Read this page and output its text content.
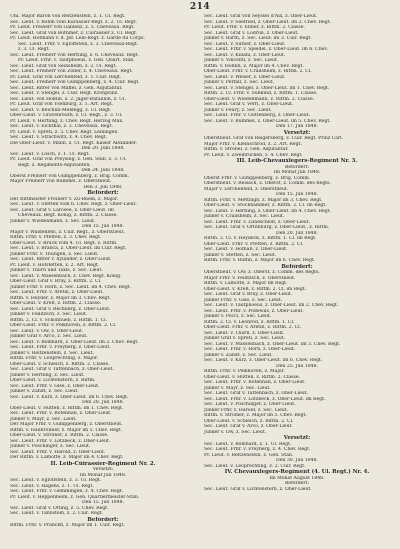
214
Uhl. Major Baron von Reitzenstein, z. 1. Ul. Regt.
Sec. Lieut. v. Böhm vom Kürassier-Regt. z. 2. Ul. Regt.
Pr. Lieut. Freiherr von Gablenz, z. 5. Cheveaux. Regt.
Sec. Lieut. Graf von Bothmer, z. Cüirassier z. Ul. Regt.
Pr. Lieut. Hofmann v. d. Jnf. Leib-Regt. z. Garde du Corps.
Sec. Lieut. Frhr. v. Egloffstein, z. 3. Cheveaux-Regt.
z. 3. Ul. Regt.
Sec. Lieut. Freiherr von Hertling, z. 6. Cheveaux. Regt.
Pr. Lieut. Frhr. v. Tautphoeus, z. Gen. Quart. Stab.
Sec. Lieut. Graf von Seinsheim, z. 2. Ul. Regt.
Sec. Lieut. Freiherr von Zoller, z. 4. Cheveaux. Regt.
Pr. Lieut. Graf von Lerchenfeld, z. 1. Cüir. Regt.
Sec. Lieut. Freiherr von Gumppenberg, z. 4. Cüir. Regt.
Sec. Lieut. Ritter von Maffei, z. Gen. Adjutantur.
Sec. Lieut. v. Stengel, z. Cüir. Regt. Kronprinz.
Sec. Lieut. von Hößlin, z. 2. Jäger-Bataillon, z. Ul.
Pr. Lieut. Graf von Ysenburg, z. 1. Art. Regt.
Sec. Lieut. v. Reichlin-Meldegg, z. Ul. Regt.
Ober-Lieut. v. Gravenreuth, z. Ul. Regt., z. 3. Ul.
Pr. Lieut. v. Hertling, z. Chev. Regt. Herzog Max.
Sec. Lieut. v. Eichthal, z. 2. Cheveaux. Regt.
Pr. Lieut. v. Spreti, z. 5. Chev. Regt. Leiningen.
Sec. Lieut. v. Strachwitz, z. 4. Chev. Regt.
Die Ober-Lieut. v. Mann, z. Ul. Regt. Kaiser Alexander.
Den 20. Juni 1848.
Sec. Lieut. v. Lösch, z. 1. Ul. Regt.
Pr. Lieut. Graf von Preysing, z. Gen. Stab, z. 3. Ul.
Regt. z. Regiments-Adjutanten.
Den 24. Juni 1848.
Oberst Freiherr von Gumppenberg, z. Brig. Comm.
Major Freiherr von Rummel, z. Oberstlieut.
Den 3. Juli 1848.
Befördert:
Der Rittmeister Freiherr v. Zu-Rhein, z. Major.
Sec. Lieut. v. Stetten vom 6. Chev. Regt. z. Ober-Lieut.
Sec. Lieut. Graf v. Larosée, z. Ober-Lieut. im
Cheveaux. Regt. König, z. Rittm. 2. Classe.
Junker v. Wiedenmann, z. Sec. Lieut.
Den 15. Juli 1848.
Major v. Waldenfels, z. Cüir. Regt., z. Oberstlieut.
Rittm. Frhr. v. Pfetten, z. 3. Chev. Regt.
Ober-Lieut. v. Brück vom 4. Ul. Regt. z. Rittm.
Sec. Lieut. v. Branca, z. Ober-Lieut. im Cüir. Regt.
Junker Frhr. v. Thüngen, z. Sec. Lieut.
Sec. Lieut. Ritter v. Xylander, z. Ober-Lieut.
Pr. Lieut. v. Hofstetten, z. 2. Art. Regt.
Junker v. Thurn und Taxis, z. Sec. Lieut.
Sec. Lieut. v. Massenbach, z. Chev. Regt. König.
Ober-Lieut. Graf v. Bray, z. Rittm. 2. Cl.
Junker Frhr. v. Horn, z. Sec. Lieut. im 4. Chev. Regt.
Sec. Lieut. Frhr. v. Aretin, z. Ober-Lieut.
Rittm. v. Heyder, z. Major im 3. Chev. Regt.
Ober-Lieut. v. Kreß, z. Rittm. 2. Classe.
Sec. Lieut. Graf v. Rechberg, z. Ober-Lieut.
Junker v. Feilitzsch, z. Sec. Lieut.
Rittm. 2. Cl. v. Schönhueb, z. Rittm. 1. Cl.
Ober-Lieut. Frhr. v. Pelkhoven, z. Rittm. 2. Cl.
Sec. Lieut. v. Ow, z. Ober-Lieut.
Junker Graf v. Arco, z. Sec. Lieut.
Sec. Lieut. v. Bomhard, z. Ober-Lieut. im 2. Chev. Regt.
Sec. Lieut. Frhr. v. Freyberg, z. Ober-Lieut.
Junker v. Reitzenstein, z. Sec. Lieut.
Rittm. Frhr. v. Leoprechting, z. Major.
Ober-Lieut. v. Schleich, z. Rittm. 2. Classe.
Sec. Lieut. Graf v. Tattenbach, z. Ober-Lieut.
Junker v. Hertling, z. Sec. Lieut.
Ober-Lieut. v. Lichtenstern, z. Rittm.
Sec. Lieut. Frhr. v. Gise, z. Ober-Lieut.
Junker v. Zandt, z. Sec. Lieut.
Sec. Lieut. v. Kurz, z. Ober-Lieut. im 6. Chev. Regt.
Den 20. Juli 1848.
Ober-Lieut. v. Hutten, z. Rittm. im 1. Chev. Regt.
Sec. Lieut. Frhr. v. Rotenhan, z. Ober-Lieut.
Junker v. Mayr, z. Sec. Lieut.
Der Major Frhr. v. Gumppenberg, z. Oberstlieut.
Rittm. v. Hailbronner, z. Major im 5. Chev. Regt.
Ober-Lieut. v. Stromer, z. Rittm. 2. Classe.
Sec. Lieut. Frhr. v. Lotzbeck, z. Ober-Lieut.
Junker v. Poschinger, z. Sec. Lieut.
Sec. Lieut. Frhr. v. Harold, z. Ober-Lieut.
Der Rittm. v. Lamotte, z. Major im 4. Chev. Regt.
II. Leib-Cüirassier-Regiment Nr. 2.
Versetzt:
Im Monat Juli 1848.
Sec. Lieut. v. Egloffstein, z. 3. Ul. Regt.
Sec. Lieut. v. Hagens, z. 1. Ul. Regt.
Sec. Lieut. Frhr. v. Gemmingen, z. 4. Chev. Regt.
Pr. Lieut. v. Heppenheim, z. Gen. Quartiermeister-Stab.
Den 15. Juli 1848.
Sec. Lieut. Graf v. Otting, z. 5. Chev. Regt.
Sec. Lieut. v. Tannstein, z. 2. Cüir. Regt.
Befördert:
Rittm. Frhr. v. Pranckh, z. Major im 1. Cüir. Regt.
Sec. Lieut. Graf von Seyssel d'Aix, z. Ober-Lieut.
Sec. Lieut. v. Seefried, z. Ober-Lieut. im 2. Chev. Regt.
Pr. Lieut. Frhr. v. Ebner, z. Rittm. 2. Classe.
Sec. Lieut. Graf v. Lodron, z. Ober-Lieut.
Junker v. Barth, z. Sec. Lieut. im 3. Cüir. Regt.
Sec. Lieut. v. Sutner, z. Ober-Lieut.
Sec. Lieut. Frhr. v. Speidel, z. Ober-Lieut. im 6. Chev.
Sec. Lieut. v. Kiliani, z. Ober-Lieut.
Junker v. Vincenti, z. Sec. Lieut.
Rittm. v. Hößlin, z. Major im 4. Chev. Regt.
Ober-Lieut. Frhr. v. Crailsheim, z. Rittm. 2. Cl.
Sec. Lieut. v. Welser, z. Ober-Lieut.
Junker v. Perfall, z. Sec. Lieut.
Sec. Lieut. v. Stengel, z. Ober-Lieut. im 1. Chev. Regt.
Rittm. 2. Cl. Frhr. v. Süßkind, z. Rittm. 1. Classe.
Ober-Lieut. v. Wiedenmann, z. Rittm. 2. Classe.
Sec. Lieut. Graf v. Verri, z. Ober-Lieut.
Junker v. Feury, z. Sec. Lieut.
Sec. Lieut. Frhr. v. Guttenberg, z. Ober-Lieut.
Sec. Lieut. v. Rummel, z. Ober-Lieut. im 5. Chev. Regt.
Den 17. Juli 1848.
Versetzt:
Oberstlieut. Graf von Reigersberg, z. Cüir. Regt. Prinz Carl.
Major Frhr. v. Kleinschrod, z. 2. Art. Regt.
Rittm. v. Ströbel, z. Gen. Adjutantur.
Pr. Lieut. v. Zweibrücken, z. 4. Chev. Regt.
III. Leib-Chevauxlegers-Regiment Nr. 3.
Befördert:
Im Monat Juli 1848.
Oberst Frhr. v. Gumppenberg, z. Brig. Comm.
Oberstlieut. v. Reisach, z. Oberst, z. Comm. des Regts.
Major v. Lerchenfeld, z. Oberstlieut.
Den 15. Juli 1848.
Rittm. Frhr. v. Mettingh, z. Major im 3. Chev. Regt.
Ober-Lieut. v. Stockhammer, z. Rittm. 2. Cl. im Regt.
Sec. Lieut. v. Hertling, z. Ober-Lieut. im 4. Chev. Regt.
Junker v. Crailsheim, z. Sec. Lieut.
Sec. Lieut. Frhr. v. Lüneschloß, z. Ober-Lieut.
Sec. Lieut. Graf v. Ortenburg, z. Ober-Lieut., z. Rittm.
Den 20. Juli 1848.
Rittm. 2. Cl. v. Heydeck, z. Rittm. 1. Cl. im Regt.
Ober-Lieut. Frhr. v. Pfetten, z. Rittm. 2. Cl.
Sec. Lieut. v. Hofnaß, z. Ober-Lieut.
Junker v. Stetten, z. Sec. Lieut.
Rittm. Frhr. v. Ruffin, z. Major im 6. Chev. Regt.
Befördert:
Oberstlieut. v. Ow, z. Oberst, z. Comm. des Regts.
Major Frhr. v. Feilitzsch, z. Oberstlieut.
Rittm. v. Lamotte, z. Major im Regt.
Ober-Lieut. v. Kreß, z. Rittm. 2. Cl. im Regt.
Sec. Lieut. Graf v. Bray, z. Ober-Lieut.
Junker Frhr. v. Gise, z. Sec. Lieut.
Sec. Lieut. v. Tautphoeus, z. Ober-Lieut. im 2. Chev. Regt.
Sec. Lieut. Frhr. v. Podewils, z. Ober-Lieut.
Junker v. Pocci, z. Sec. Lieut.
Rittm. 2. Cl. v. Leonrod, z. Rittm. 1. Cl.
Ober-Lieut. Frhr. v. Aretin, z. Rittm. 2. Cl.
Sec. Lieut. v. Thurn, z. Ober-Lieut.
Junker Graf v. Spreti, z. Sec. Lieut.
Sec. Lieut. v. Massenbach, z. Ober-Lieut. im 3. Chev. Regt.
Sec. Lieut. Frhr. v. Horn, z. Ober-Lieut.
Junker v. Zandt, z. Sec. Lieut.
Sec. Lieut. v. Kurz, z. Ober-Lieut. im 6. Chev. Regt.
Den 25. Juli 1848.
Rittm. Frhr. v. Pelkhoven, z. Major.
Ober-Lieut. v. Hutten, z. Rittm. 2. Classe.
Sec. Lieut. Frhr. v. Rotenhan, z. Ober-Lieut.
Junker v. Mayr, z. Sec. Lieut.
Sec. Lieut. Graf v. Tattenbach, z. Ober-Lieut.
Sec. Lieut. Frhr. v. Lotzbeck, z. Ober-Lieut. im Regt.
Sec. Lieut. v. Poschinger, z. Ober-Lieut.
Junker Frhr. v. Harold, z. Sec. Lieut.
Rittm. v. Stromer, z. Major im 5. Chev. Regt.
Ober-Lieut. v. Schleich, z. Rittm. 2. Cl.
Sec. Lieut. Graf v. Arco, z. Ober-Lieut.
Junker v. Ow, z. Sec. Lieut.
Versetzt:
Sec. Lieut. v. Bomhard, z. 1. Ul. Regt.
Sec. Lieut. Frhr. v. Freyberg, z. 4. Chev. Regt.
Pr. Lieut. v. Reitzenstein, z. Gen. Stab.
Den 30. Juli 1848.
Sec. Lieut. v. Leoprechting, z. 2. Cüir. Regt.
IV. Chevauxlegers-Regiment (4. Ul. Regt.) Nr. 4.
Im Monat August 1848.
Befördert:
Sec. Lieut. Graf v. Lichtenstern, z. Ober-Lieut.
